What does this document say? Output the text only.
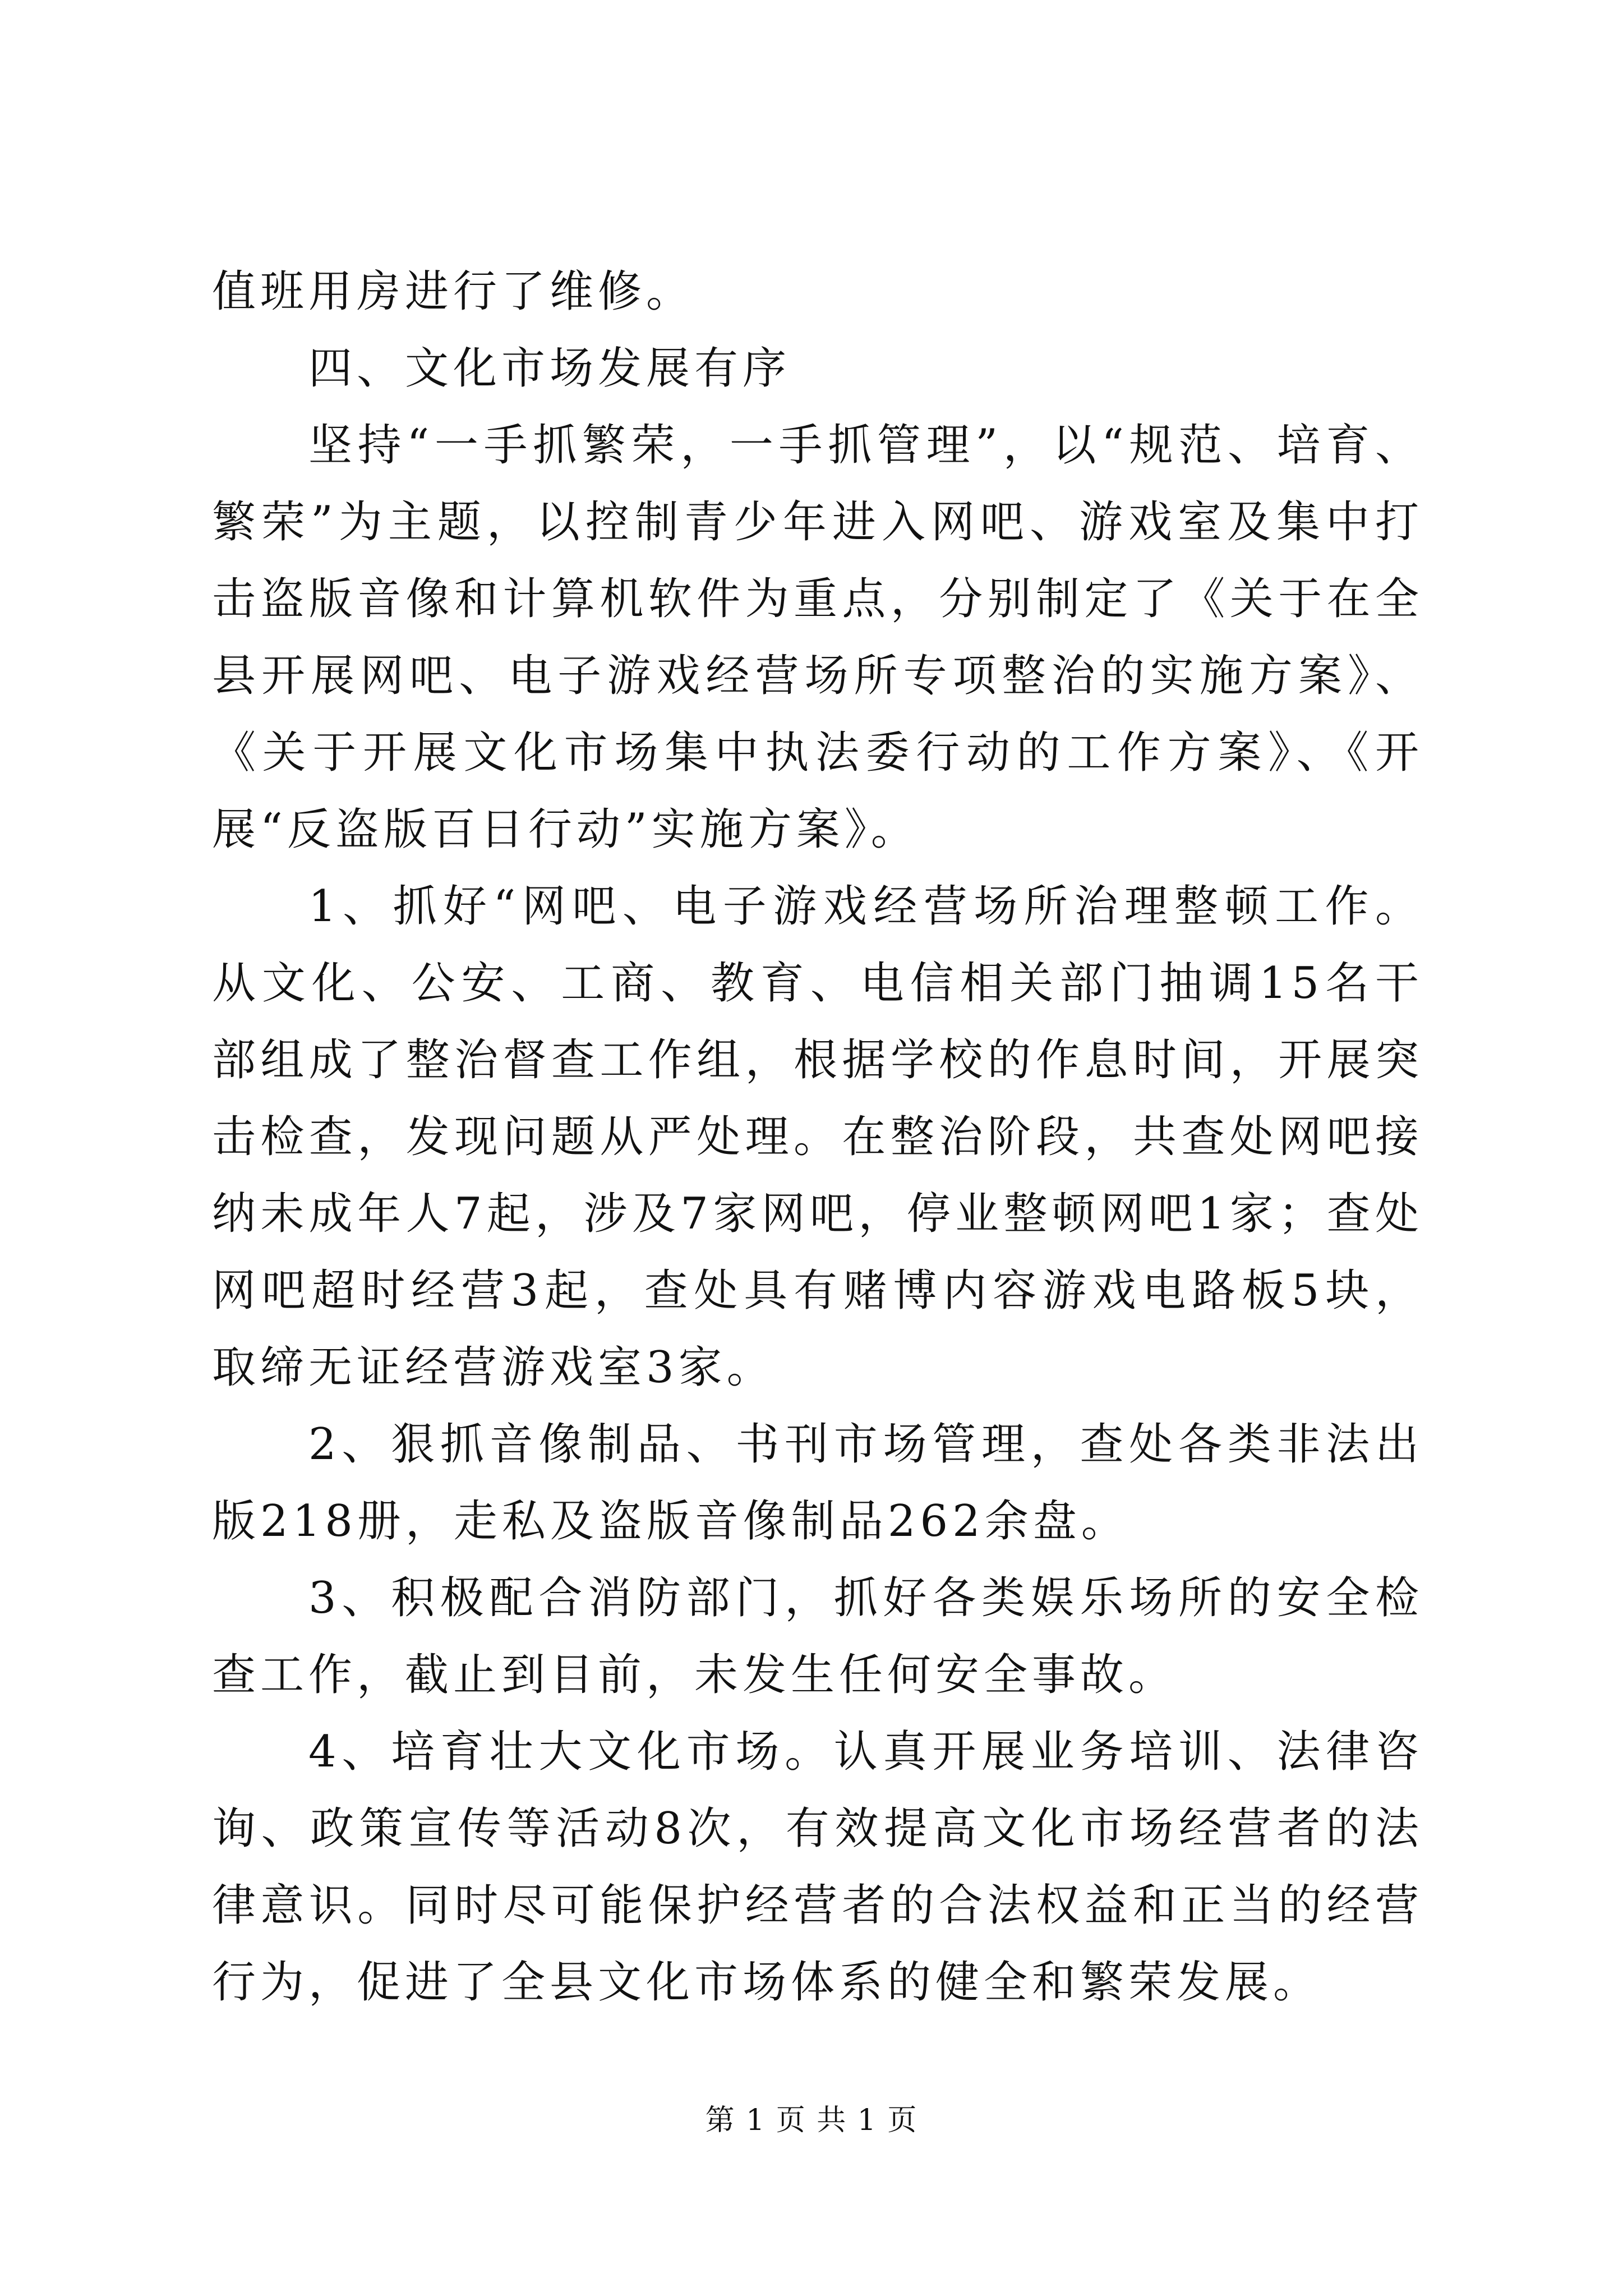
值班用房进行了维修。

四、文化市场发展有序

坚持“一手抓繁荣，一手抓管理”，以“规范、培育、繁荣”为主题，以控制青少年进入网吧、游戏室及集中打击盗版音像和计算机软件为重点，分别制定了《关于在全县开展网吧、电子游戏经营场所专项整治的实施方案》、《关于开展文化市场集中执法委行动的工作方案》、《开展“反盗版百日行动”实施方案》。

1、抓好“网吧、电子游戏经营场所治理整顿工作。从文化、公安、工商、教育、电信相关部门抽调15名干部组成了整治督查工作组，根据学校的作息时间，开展突击检查，发现问题从严处理。在整治阶段，共查处网吧接纳未成年人7起，涉及7家网吧，停业整顿网吧1家；查处网吧超时经营3起，查处具有赌博内容游戏电路板5块，取缔无证经营游戏室3家。

2、狠抓音像制品、书刊市场管理，查处各类非法出版218册，走私及盗版音像制品262余盘。

3、积极配合消防部门，抓好各类娱乐场所的安全检查工作，截止到目前，未发生任何安全事故。

4、培育壮大文化市场。认真开展业务培训、法律咨询、政策宣传等活动8次，有效提高文化市场经营者的法律意识。同时尽可能保护经营者的合法权益和正当的经营行为，促进了全县文化市场体系的健全和繁荣发展。

第 1 页 共 1 页
